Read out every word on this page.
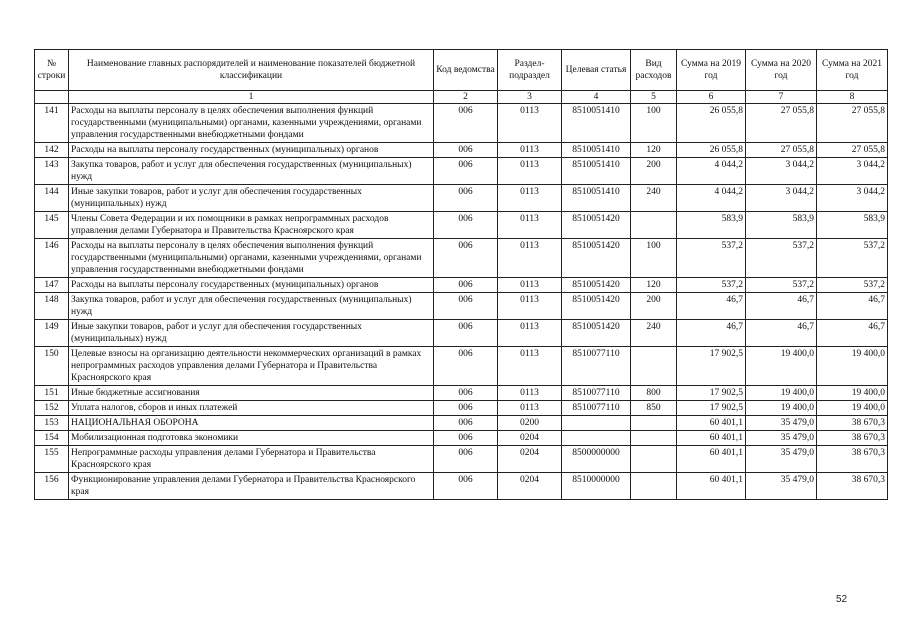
№ строки	Наименование главных распорядителей и наименование показателей бюджетной классификации	Код ведомства	Раздел-подраздел	Целевая статья	Вид расходов	Сумма на 2019 год	Сумма на 2020 год	Сумма на 2021 год
	1	2	3	4	5	6	7	8
141	Расходы на выплаты персоналу в целях обеспечения выполнения функций государственными (муниципальными) органами, казенными учреждениями, органами управления государственными внебюджетными фондами	006	0113	8510051410	100	26 055,8	27 055,8	27 055,8
142	Расходы на выплаты персоналу государственных (муниципальных) органов	006	0113	8510051410	120	26 055,8	27 055,8	27 055,8
143	Закупка товаров, работ и услуг для обеспечения государственных (муниципальных) нужд	006	0113	8510051410	200	4 044,2	3 044,2	3 044,2
144	Иные закупки товаров, работ и услуг для обеспечения государственных (муниципальных) нужд	006	0113	8510051410	240	4 044,2	3 044,2	3 044,2
145	Члены Совета Федерации и их помощники в рамках непрограммных расходов управления делами Губернатора и Правительства Красноярского края	006	0113	8510051420		583,9	583,9	583,9
146	Расходы на выплаты персоналу в целях обеспечения выполнения функций государственными (муниципальными) органами, казенными учреждениями, органами управления государственными внебюджетными фондами	006	0113	8510051420	100	537,2	537,2	537,2
147	Расходы на выплаты персоналу государственных (муниципальных) органов	006	0113	8510051420	120	537,2	537,2	537,2
148	Закупка товаров, работ и услуг для обеспечения государственных (муниципальных) нужд	006	0113	8510051420	200	46,7	46,7	46,7
149	Иные закупки товаров, работ и услуг для обеспечения государственных (муниципальных) нужд	006	0113	8510051420	240	46,7	46,7	46,7
150	Целевые взносы на организацию деятельности некоммерческих организаций в рамках непрограммных расходов управления делами Губернатора и Правительства Красноярского края	006	0113	8510077110		17 902,5	19 400,0	19 400,0
151	Иные бюджетные ассигнования	006	0113	8510077110	800	17 902,5	19 400,0	19 400,0
152	Уплата налогов, сборов и иных платежей	006	0113	8510077110	850	17 902,5	19 400,0	19 400,0
153	НАЦИОНАЛЬНАЯ ОБОРОНА	006	0200			60 401,1	35 479,0	38 670,3
154	Мобилизационная подготовка экономики	006	0204			60 401,1	35 479,0	38 670,3
155	Непрограммные расходы управления делами Губернатора и Правительства Красноярского края	006	0204	8500000000		60 401,1	35 479,0	38 670,3
156	Функционирование управления делами Губернатора и Правительства Красноярского края	006	0204	8510000000		60 401,1	35 479,0	38 670,3
52
